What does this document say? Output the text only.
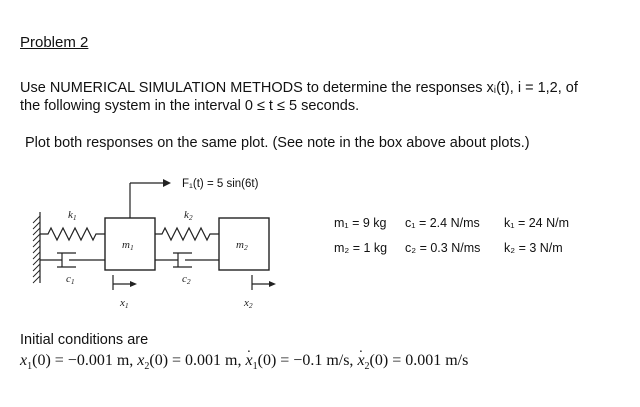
Problem 2
Use NUMERICAL SIMULATION METHODS to determine the responses xᵢ(t), i = 1,2, of
the following system in the interval 0 ≤ t ≤ 5 seconds.
Plot both responses on the same plot. (See note in the box above about plots.)
F₁(t) = 5 sin(6t)
k1	k2
c1	c2
m1	m2
x1	x2
m₁ = 9 kg c₁ = 2.4 N/ms k₁ = 24 N/m
m₂ = 1 kg c₂ = 0.3 N/ms k₂ = 3 N/m
Initial conditions are
$x_1(0) = -0.001$ m, $x_2(0) = 0.001$ m, x $._1(0) = -0.1$ m/s, x $._2(0) = 0.001$ m/s
